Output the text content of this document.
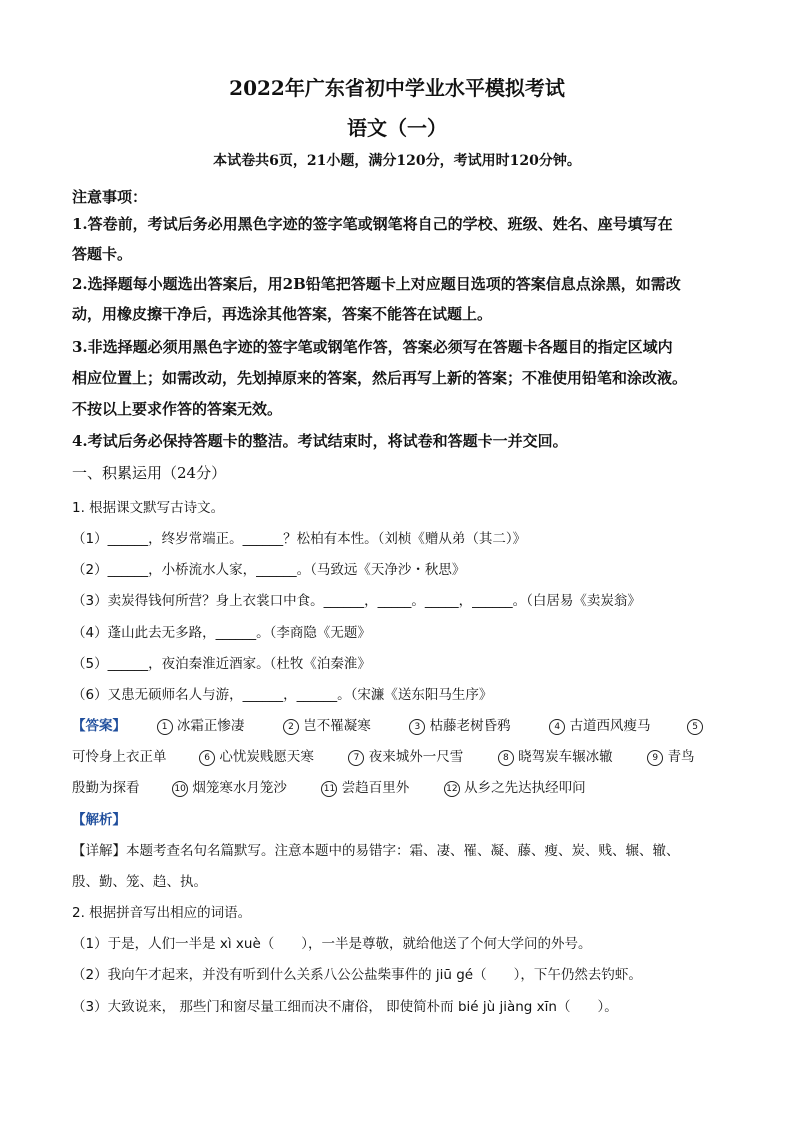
2022年广东省初中学业水平模拟考试
语文（一）
本试卷共6页，21小题，满分120分，考试用时120分钟。
注意事项：
1.答卷前，考试后务必用黑色字迹的签字笔或钢笔将自己的学校、班级、姓名、座号填写在
答题卡。
2.选择题每小题选出答案后，用2B铅笔把答题卡上对应题目选项的答案信息点涂黑，如需改
动，用橡皮擦干净后，再选涂其他答案，答案不能答在试题上。
3.非选择题必须用黑色字迹的签字笔或钢笔作答，答案必须写在答题卡各题目的指定区域内
相应位置上；如需改动，先划掉原来的答案，然后再写上新的答案；不准使用铅笔和涂改液。
不按以上要求作答的答案无效。
4.考试后务必保持答题卡的整洁。考试结束时，将试卷和答题卡一并交回。
一、积累运用（24分）
1. 根据课文默写古诗文。
（1）______，终岁常端正。______？松柏有本性。（刘桢《赠从弟（其二）》
（2）______，小桥流水人家，______。（马致远《天净沙・秋思》
（3）卖炭得钱何所营？身上衣裳口中食。______，_____。_____，______。（白居易《卖炭翁》
（4）蓬山此去无多路，______。（李商隐《无题》
（5）______，夜泊秦淮近酒家。（杜牧《泊秦淮》
（6）又患无硕师名人与游，______，______。（宋濂《送东阳马生序》
【答案】	1 冰霜正惨凄	2 岂不罹凝寒	3 枯藤老树昏鸦	4 古道西风瘦马	5
可怜身上衣正单	6 心忧炭贱愿天寒	7 夜来城外一尺雪	8 晓驾炭车辗冰辙	9 青鸟
殷勤为探看	10 烟笼寒水月笼沙	11 尝趋百里外	12 从乡之先达执经叩问
【解析】
【详解】本题考查名句名篇默写。注意本题中的易错字：霜、凄、罹、凝、藤、瘦、炭、贱、辗、辙、
殷、勤、笼、趋、执。
2. 根据拼音写出相应的词语。
（1）于是，人们一半是 xì xuè（　　），一半是尊敬，就给他送了个何大学问的外号。
（2）我向午才起来，并没有听到什么关系八公公盐柴事件的 jiū gé（　　），下午仍然去钓虾。
（3）大致说来， 那些门和窗尽量工细而决不庸俗， 即使简朴而 bié jù jiàng xīn（　　）。
